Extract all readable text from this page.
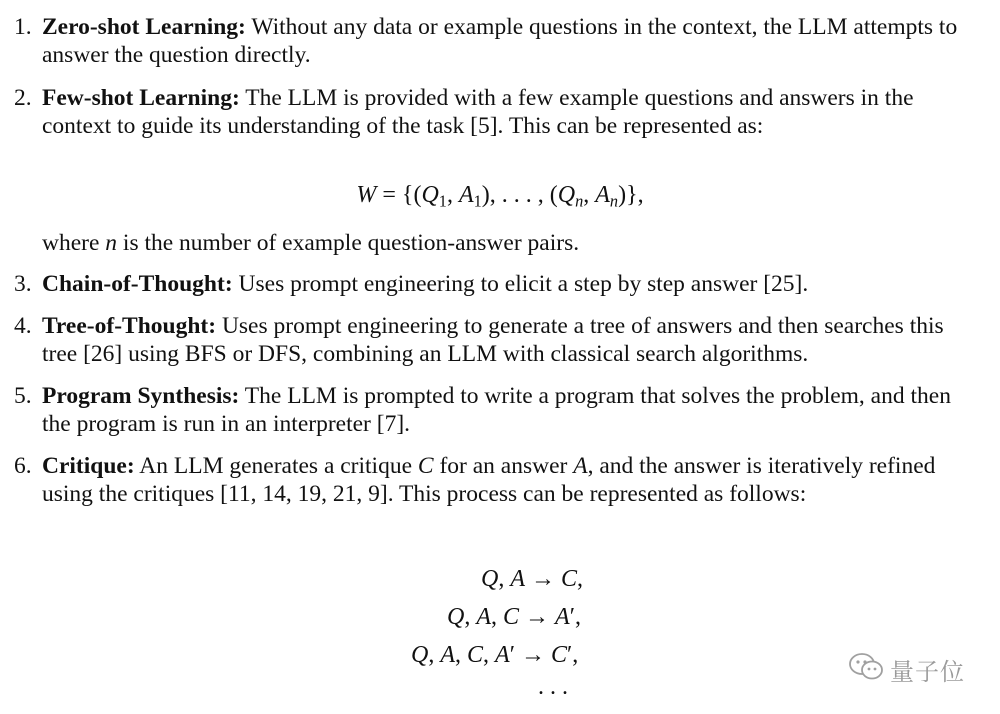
1. Zero-shot Learning: Without any data or example questions in the context, the LLM attempts to answer the question directly.
2. Few-shot Learning: The LLM is provided with a few example questions and answers in the context to guide its understanding of the task [5]. This can be represented as:
$W = \{(Q_1$, $A_1$), . . . , ($Q_n$, $A_n$)},
where n is the number of example question-answer pairs.
3. Chain-of-Thought: Uses prompt engineering to elicit a step by step answer [25].
4. Tree-of-Thought: Uses prompt engineering to generate a tree of answers and then searches this tree [26] using BFS or DFS, combining an LLM with classical search algorithms.
5. Program Synthesis: The LLM is prompted to write a program that solves the problem, and then the program is run in an interpreter [7].
6. Critique: An LLM generates a critique C for an answer A, and the answer is iteratively refined using the critiques [11, 14, 19, 21, 9]. This process can be represented as follows:
Q, A → C,
Q, A, C → A′,
Q, A, C, A′ → C′,
. . .
量子位
